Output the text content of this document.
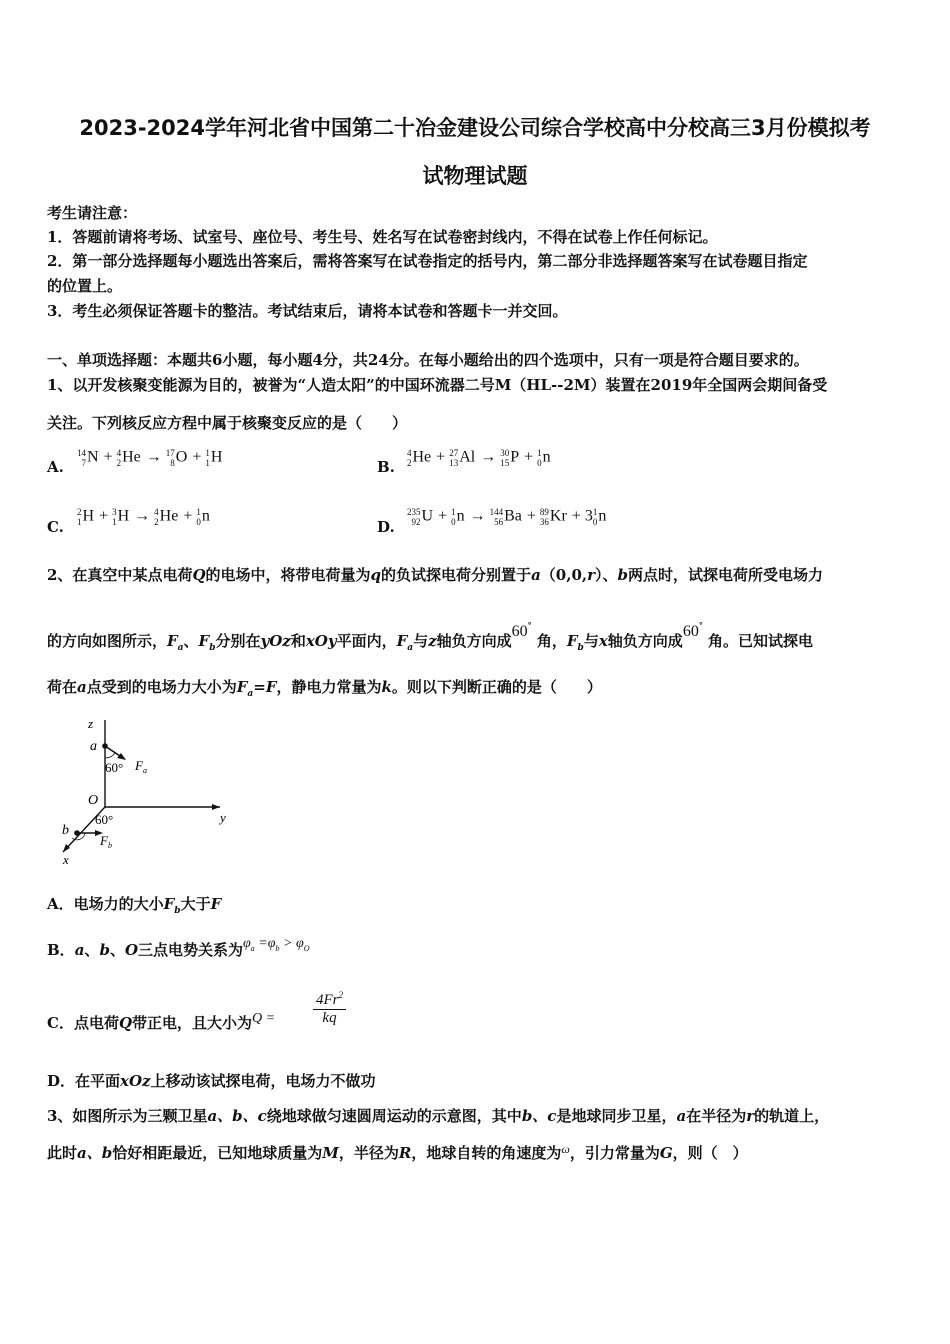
2023-2024学年河北省中国第二十冶金建设公司综合学校高中分校高三3月份模拟考
试物理试题
考生请注意：
1．答题前请将考场、试室号、座位号、考生号、姓名写在试卷密封线内，不得在试卷上作任何标记。
2．第一部分选择题每小题选出答案后，需将答案写在试卷指定的括号内，第二部分非选择题答案写在试卷题目指定
的位置上。
3．考生必须保证答题卡的整洁。考试结束后，请将本试卷和答题卡一并交回。
一、单项选择题：本题共6小题，每小题4分，共24分。在每小题给出的四个选项中，只有一项是符合题目要求的。
1、以开发核聚变能源为目的，被誉为“人造太阳”的中国环流器二号M（HL--2M）装置在2019年全国两会期间备受
关注。下列核反应方程中属于核聚变反应的是（　　）
A.
14
7 N + 4
2 He → 17
8 O + 1
1 H
B.
4
2 He + 27
13 Al → 30
15 P + 1
0 n
C.
2
1 H + 3
1 H → 4
2 He + 1
0 n
D.
235
92 U + 1
0 n → 144
56 Ba + 89
36 Kr + 3 1
0 n
2、在真空中某点电荷Q的电场中，将带电荷量为q的负试探电荷分别置于a（0,0,r）、b两点时，试探电荷所受电场力
的方向如图所示，$F_a$、$F_b$分别在yOz和xOy平面内，$F_a$与z轴负方向成60° 角，$F_b$与x轴负方向成60° 角。已知试探电
荷在a点受到的电场力大小为$F_a=F$，静电力常量为k。则以下判断正确的是（　　）
z
a
60° F a
O
y
b
60°
F b
x
A．电场力的大小$F_b$大于F
B．a、b、O三点电势关系为$\varphi_a =\varphi_b > \varphi_O$
C．点电荷Q带正电，且大小为Q =	$\frac{4Fr^2}{kq}$
D．在平面xOz上移动该试探电荷，电场力不做功
3、如图所示为三颗卫星a、b、c绕地球做匀速圆周运动的示意图，其中b、c是地球同步卫星，a在半径为r的轨道上，
此时a、b恰好相距最近，已知地球质量为M，半径为R，地球自转的角速度为$^\omega$，引力常量为G，则（　）
